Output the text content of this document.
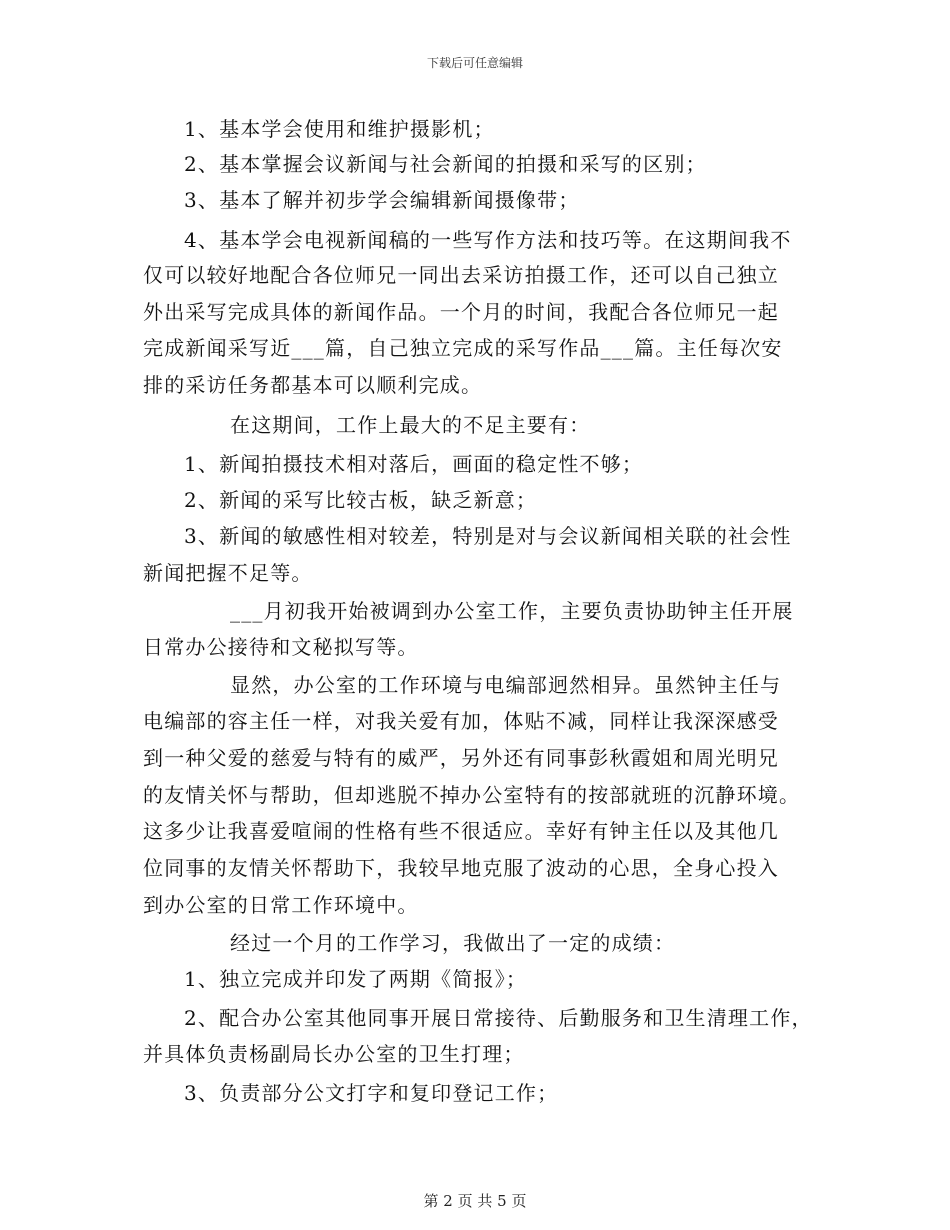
下载后可任意编辑
1、基本学会使用和维护摄影机；
2、基本掌握会议新闻与社会新闻的拍摄和采写的区别；
3、基本了解并初步学会编辑新闻摄像带；
4、基本学会电视新闻稿的一些写作方法和技巧等。在这期间我不
仅可以较好地配合各位师兄一同出去采访拍摄工作，还可以自己独立
外出采写完成具体的新闻作品。一个月的时间，我配合各位师兄一起
完成新闻采写近___篇，自己独立完成的采写作品___篇。主任每次安
排的采访任务都基本可以顺利完成。
在这期间，工作上最大的不足主要有：
1、新闻拍摄技术相对落后，画面的稳定性不够；
2、新闻的采写比较古板，缺乏新意；
3、新闻的敏感性相对较差，特别是对与会议新闻相关联的社会性
新闻把握不足等。
___月初我开始被调到办公室工作，主要负责协助钟主任开展
日常办公接待和文秘拟写等。
显然，办公室的工作环境与电编部迥然相异。虽然钟主任与
电编部的容主任一样，对我关爱有加，体贴不减，同样让我深深感受
到一种父爱的慈爱与特有的威严，另外还有同事彭秋霞姐和周光明兄
的友情关怀与帮助，但却逃脱不掉办公室特有的按部就班的沉静环境。
这多少让我喜爱喧闹的性格有些不很适应。幸好有钟主任以及其他几
位同事的友情关怀帮助下，我较早地克服了波动的心思，全身心投入
到办公室的日常工作环境中。
经过一个月的工作学习，我做出了一定的成绩：
1、独立完成并印发了两期《简报》；
2、配合办公室其他同事开展日常接待、后勤服务和卫生清理工作，
并具体负责杨副局长办公室的卫生打理；
3、负责部分公文打字和复印登记工作；
第 2 页 共 5 页
